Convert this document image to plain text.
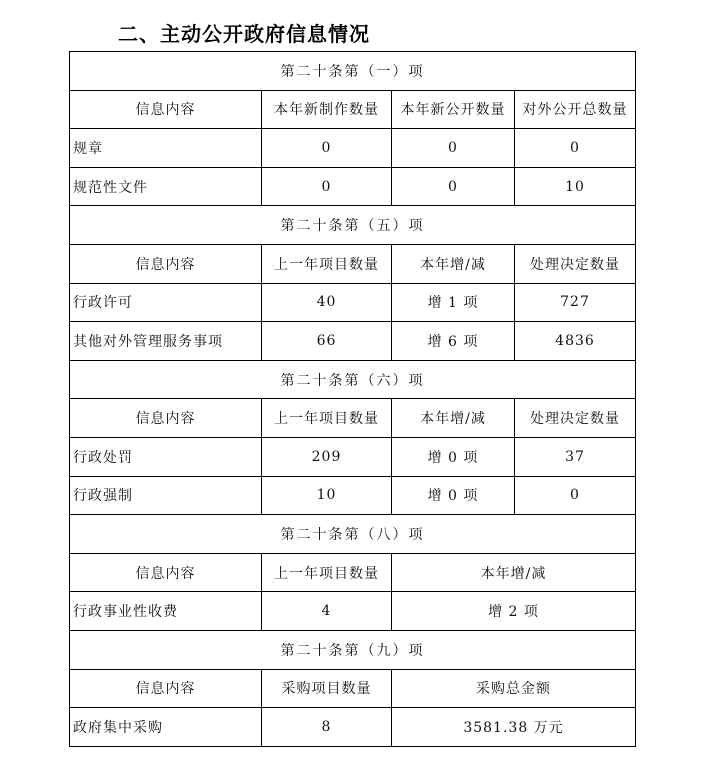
二、主动公开政府信息情况
第二十条第（一）项			
信息内容	本年新制作数量	本年新公开数量	对外公开总数量
规章	0	0	0
规范性文件	0	0	10
第二十条第（五）项			
信息内容	上一年项目数量	本年增/减	处理决定数量
行政许可	40	增 1 项	727
其他对外管理服务事项	66	增 6 项	4836
第二十条第（六）项			
信息内容	上一年项目数量	本年增/减	处理决定数量
行政处罚	209	增 0 项	37
行政强制	10	增 0 项	0
第二十条第（八）项			
信息内容	上一年项目数量	本年增/减	
行政事业性收费	4	增 2 项	
第二十条第（九）项			
信息内容	采购项目数量	采购总金额	
政府集中采购	8	3581.38 万元	
